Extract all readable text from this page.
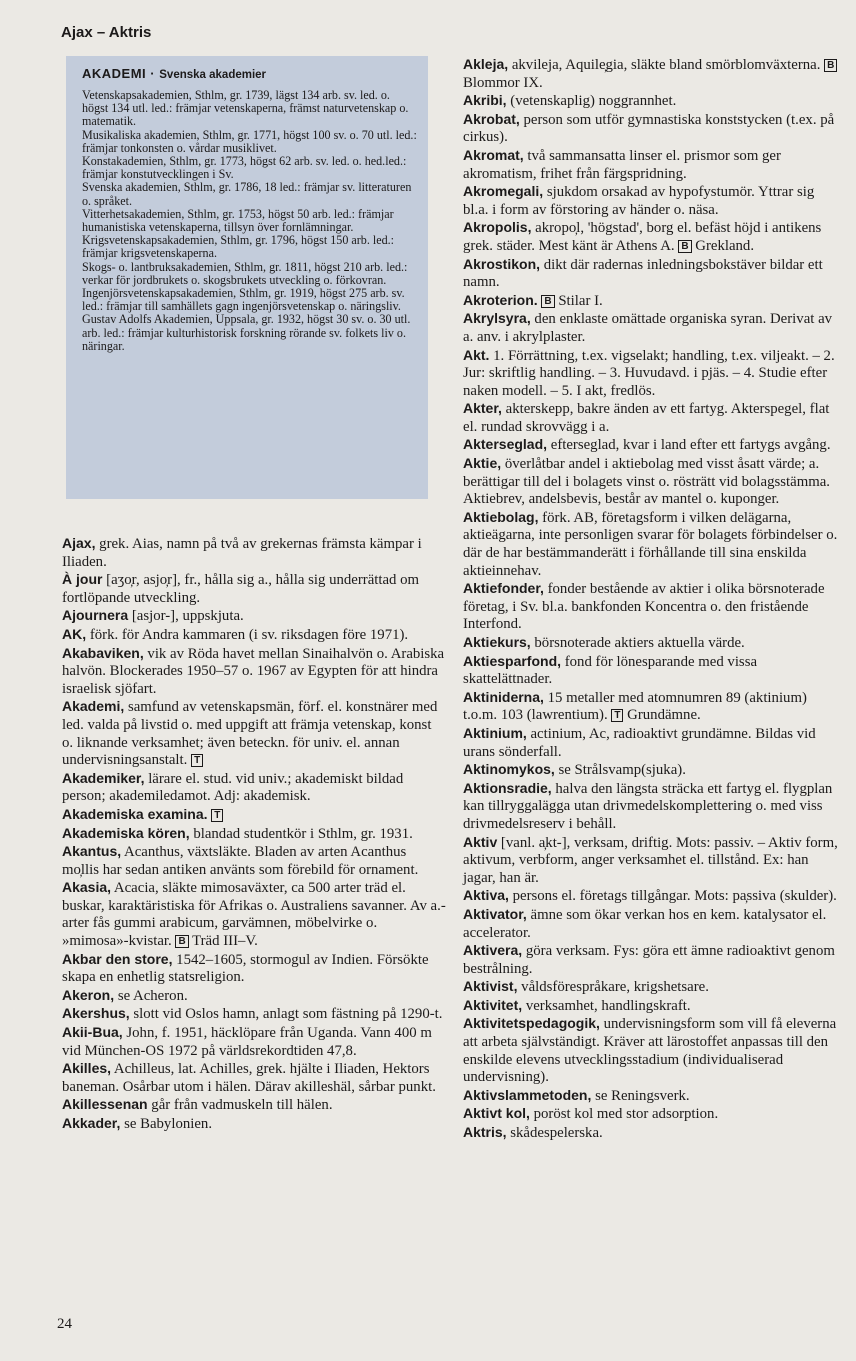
Ajax – Aktris
AKADEMI · Svenska akademier

Vetenskapsakademien, Sthlm, gr. 1739, lägst 134 arb. sv. led. o. högst 134 utl. led.: främjar vetenskaperna, främst naturvetenskap o. matematik.

Musikaliska akademien, Sthlm, gr. 1771, högst 100 sv. o. 70 utl. led.: främjar tonkonsten o. vårdar musiklivet.

Konstakademien, Sthlm, gr. 1773, högst 62 arb. sv. led. o. hed.led.: främjar konstutvecklingen i Sv.

Svenska akademien, Sthlm, gr. 1786, 18 led.: främjar sv. litteraturen o. språket.

Vitterhetsakademien, Sthlm, gr. 1753, högst 50 arb. led.: främjar humanistiska vetenskaperna, tillsyn över fornlämningar.

Krigsvetenskapsakademien, Sthlm, gr. 1796, högst 150 arb. led.: främjar krigsvetenskaperna.

Skogs- o. lantbruksakademien, Sthlm, gr. 1811, högst 210 arb. led.: verkar för jordbrukets o. skogsbrukets utveckling o. förkovran.

Ingenjörsvetenskapsakademien, Sthlm, gr. 1919, högst 275 arb. sv. led.: främjar till samhällets gagn ingenjörsvetenskap o. näringsliv.

Gustav Adolfs Akademien, Uppsala, gr. 1932, högst 30 sv. o. 30 utl. arb. led.: främjar kulturhistorisk forskning rörande sv. folkets liv o. näringar.

Ajax, grek. Aias, namn på två av grekernas främsta kämpar i Iliaden.

À jour [aʒo̦r, asjo̦r], fr., hålla sig a., hålla sig underrättad om fortlöpande utveckling.

Ajournera [asjor-], uppskjuta.

AK, förk. för Andra kammaren (i sv. riksdagen före 1971).

Akabaviken, vik av Röda havet mellan Sinaihalvön o. Arabiska halvön. Blockerades 1950–57 o. 1967 av Egypten för att hindra israelisk sjöfart.

Akademi, samfund av vetenskapsmän, förf. el. konstnärer med led. valda på livstid o. med uppgift att främja vetenskap, konst o. liknande verksamhet; även beteckn. för univ. el. annan undervisningsanstalt. T

Akademiker, lärare el. stud. vid univ.; akademiskt bildad person; akademiledamot. Adj: akademisk.

Akademiska examina. T

Akademiska kören, blandad studentkör i Sthlm, gr. 1931.

Akantus, Acanthus, växtsläkte. Bladen av arten Acanthus mo̦llis har sedan antiken använts som förebild för ornament.

Akasia, Acacia, släkte mimosaväxter, ca 500 arter träd el. buskar, karaktäristiska för Afrikas o. Australiens savanner. Av a.-arter fås gummi arabicum, garvämnen, möbelvirke o. »mimosa»-kvistar. B Träd III–V.

Akbar den store, 1542–1605, stormogul av Indien. Försökte skapa en enhetlig statsreligion.

Akeron, se Acheron.

Akershus, slott vid Oslos hamn, anlagt som fästning på 1290-t.

Akii-Bua, John, f. 1951, häcklöpare från Uganda. Vann 400 m vid München-OS 1972 på världsrekordtiden 47,8.

Akilles, Achilleus, lat. Achilles, grek. hjälte i Iliaden, Hektors baneman. Osårbar utom i hälen. Därav akilleshäl, sårbar punkt.

Akillessenan går från vadmuskeln till hälen.

Akkader, se Babylonien.

Aklеja, akvileja, Aquile̦gia, släkte bland smörblomväxterna. B Blommor IX.

Akribi, (vetenskaplig) noggrannhet.

Akrobat, person som utför gymnastiska konststycken (t.ex. på cirkus).

Akromat, två sammansatta linser el. prismor som ger akromatism, frihet från färgspridning.

Akromegali, sjukdom orsakad av hypofystumör. Yttrar sig bl.a. i form av förstoring av händer o. näsa.

Akropolis, akropo̦l, 'högstad', borg el. befäst höjd i antikens grek. städer. Mest känt är Athens A. B Grekland.

Akrostikon, dikt där radernas inledningsbokstäver bildar ett namn.

Akroterion. B Stilar I.

Akrylsyra, den enklaste omättade organiska syran. Derivat av a. anv. i akrylplaster.

Akt. 1. Förrättning, t.ex. vigselakt; handling, t.ex. viljeakt. – 2. Jur: skriftlig handling. – 3. Huvudavd. i pjäs. – 4. Studie efter naken modell. – 5. I akt, fredlös.

Akter, akterskepp, bakre änden av ett fartyg. Akterspegel, flat el. rundad skrovvägg i a.

Akterseglad, efterseglad, kvar i land efter ett fartygs avgång.

Aktie, överlåtbar andel i aktiebolag med visst åsatt värde; a. berättigar till del i bolagets vinst o. rösträtt vid bolagsstämma. Aktiebrev, andelsbevis, består av mantel o. kuponger.

Aktiebolag, förk. AB, företagsform i vilken delägarna, aktieägarna, inte personligen svarar för bolagets förbindelser o. där de har bestämmanderätt i förhållande till sina enskilda aktieinnehav.

Aktiefonder, fonder bestående av aktier i olika börsnoterade företag, i Sv. bl.a. bankfonden Koncentra o. den fristående Interfond.

Aktiekurs, börsnoterade aktiers aktuella värde.

Aktiesparfond, fond för lönesparande med vissa skattelättnader.

Aktiniderna, 15 metaller med atomnumren 89 (aktinium) t.o.m. 103 (lawrentium). T Grundämne.

Aktinium, actinium, Ac, radioaktivt grundämne. Bildas vid urans sönderfall.

Aktinomykos, se Strålsvamp(sjuka).

Aktionsradie, halva den längsta sträcka ett fartyg el. flygplan kan tillryggalägga utan drivmedelskomplettering o. med viss drivmedelsreserv i behåll.

Aktiv [vanl. a̦kt-], verksam, driftig. Mots: passiv. – Aktiv form, aktivum, verbform, anger verksamhet el. tillstånd. Ex: han jagar, han är.

Aktiva, persons el. företags tillgångar. Mots: pa̦ssiva (skulder).

Aktivator, ämne som ökar verkan hos en kem. katalysator el. accelerator.

Aktivera, göra verksam. Fys: göra ett ämne radioaktivt genom bestrålning.

Aktivist, våldsförespråkare, krigshetsare.

Aktivitet, verksamhet, handlingskraft.

Aktivitetspedagogik, undervisningsform som vill få eleverna att arbeta självständigt. Kräver att lärostoffet anpassas till den enskilde elevens utvecklingsstadium (individualiserad undervisning).

Aktivslammetoden, se Reningsverk.

Aktivt kol, poröst kol med stor adsorption.

Aktris, skådespelerska.

24
